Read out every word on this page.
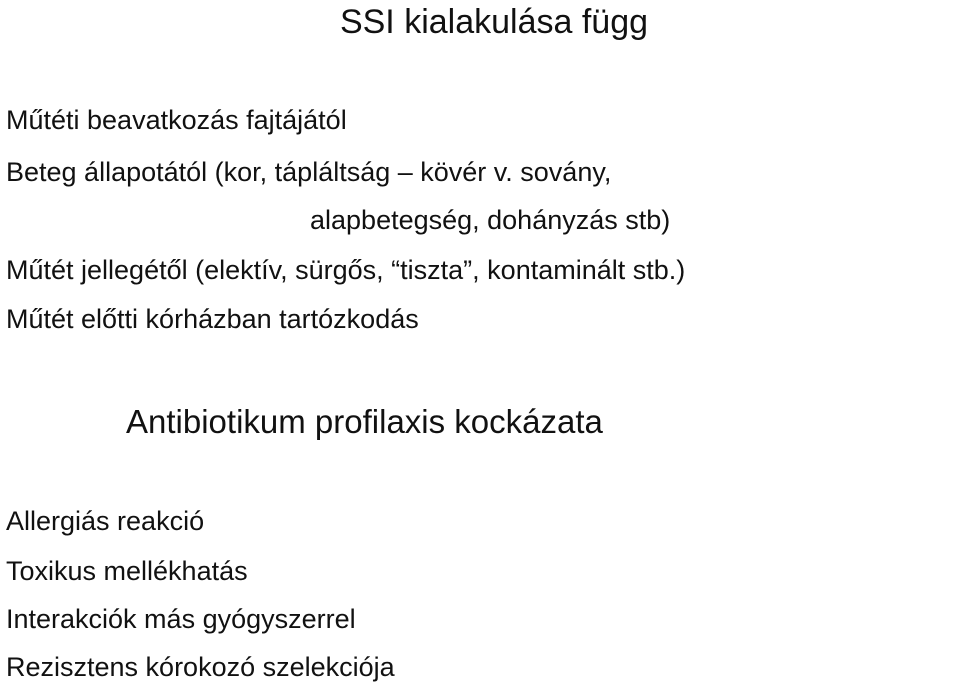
SSI kialakulása függ
Műtéti beavatkozás fajtájától
Beteg állapotától (kor, tápláltság – kövér v. sovány,
alapbetegség, dohányzás stb)
Műtét jellegétől (elektív, sürgős, “tiszta”, kontaminált stb.)
Műtét előtti kórházban tartózkodás
Antibiotikum profilaxis kockázata
Allergiás reakció
Toxikus mellékhatás
Interakciók más gyógyszerrel
Rezisztens kórokozó szelekciója
